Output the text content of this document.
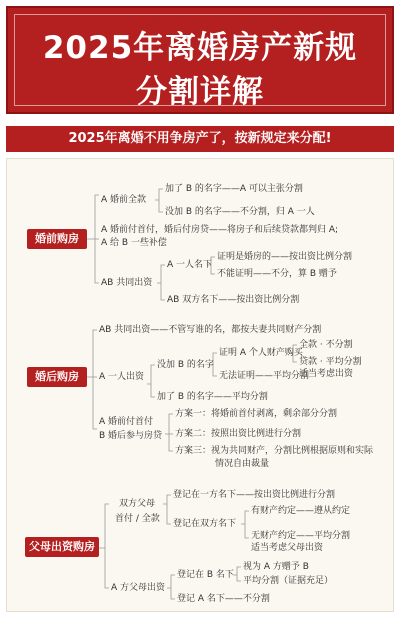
2025年离婚房产新规
分割详解
2025年离婚不用争房产了，按新规定来分配!
婚前购房
A 婚前全款
加了 B 的名字——A 可以主张分割
没加 B 的名字——不分割，归 A 一人
A 婚前付首付，婚后付房贷——将房子和后续贷款都判归 A;
A 给 B 一些补偿
AB 共同出资
A 一人名下
证明是婚房的——按出资比例分割
不能证明——不分，算 B 赠予
AB 双方名下——按出资比例分割
婚后购房
AB 共同出资——不管写谁的名，都按夫妻共同财产分割
A 一人出资
没加 B 的名字
证明 A 个人财产购买
全款 · 不分割
贷款 · 平均分割
适当考虑出资
无法证明——平均分割
加了 B 的名字——平均分割
A 婚前付首付
B 婚后参与房贷
方案一：将婚前首付剥离，剩余部分分割
方案二：按照出资比例进行分割
方案三：视为共同财产，分割比例根据原则和实际
情况自由裁量
父母出资购房
双方父母
首付 / 全款
登记在一方名下——按出资比例进行分割
登记在双方名下
有财产约定——遵从约定
无财产约定——平均分割
适当考虑父母出资
A 方父母出资
登记在 B 名下
视为 A 方赠予 B
平均分割（证据充足）
登记 A 名下——不分割
